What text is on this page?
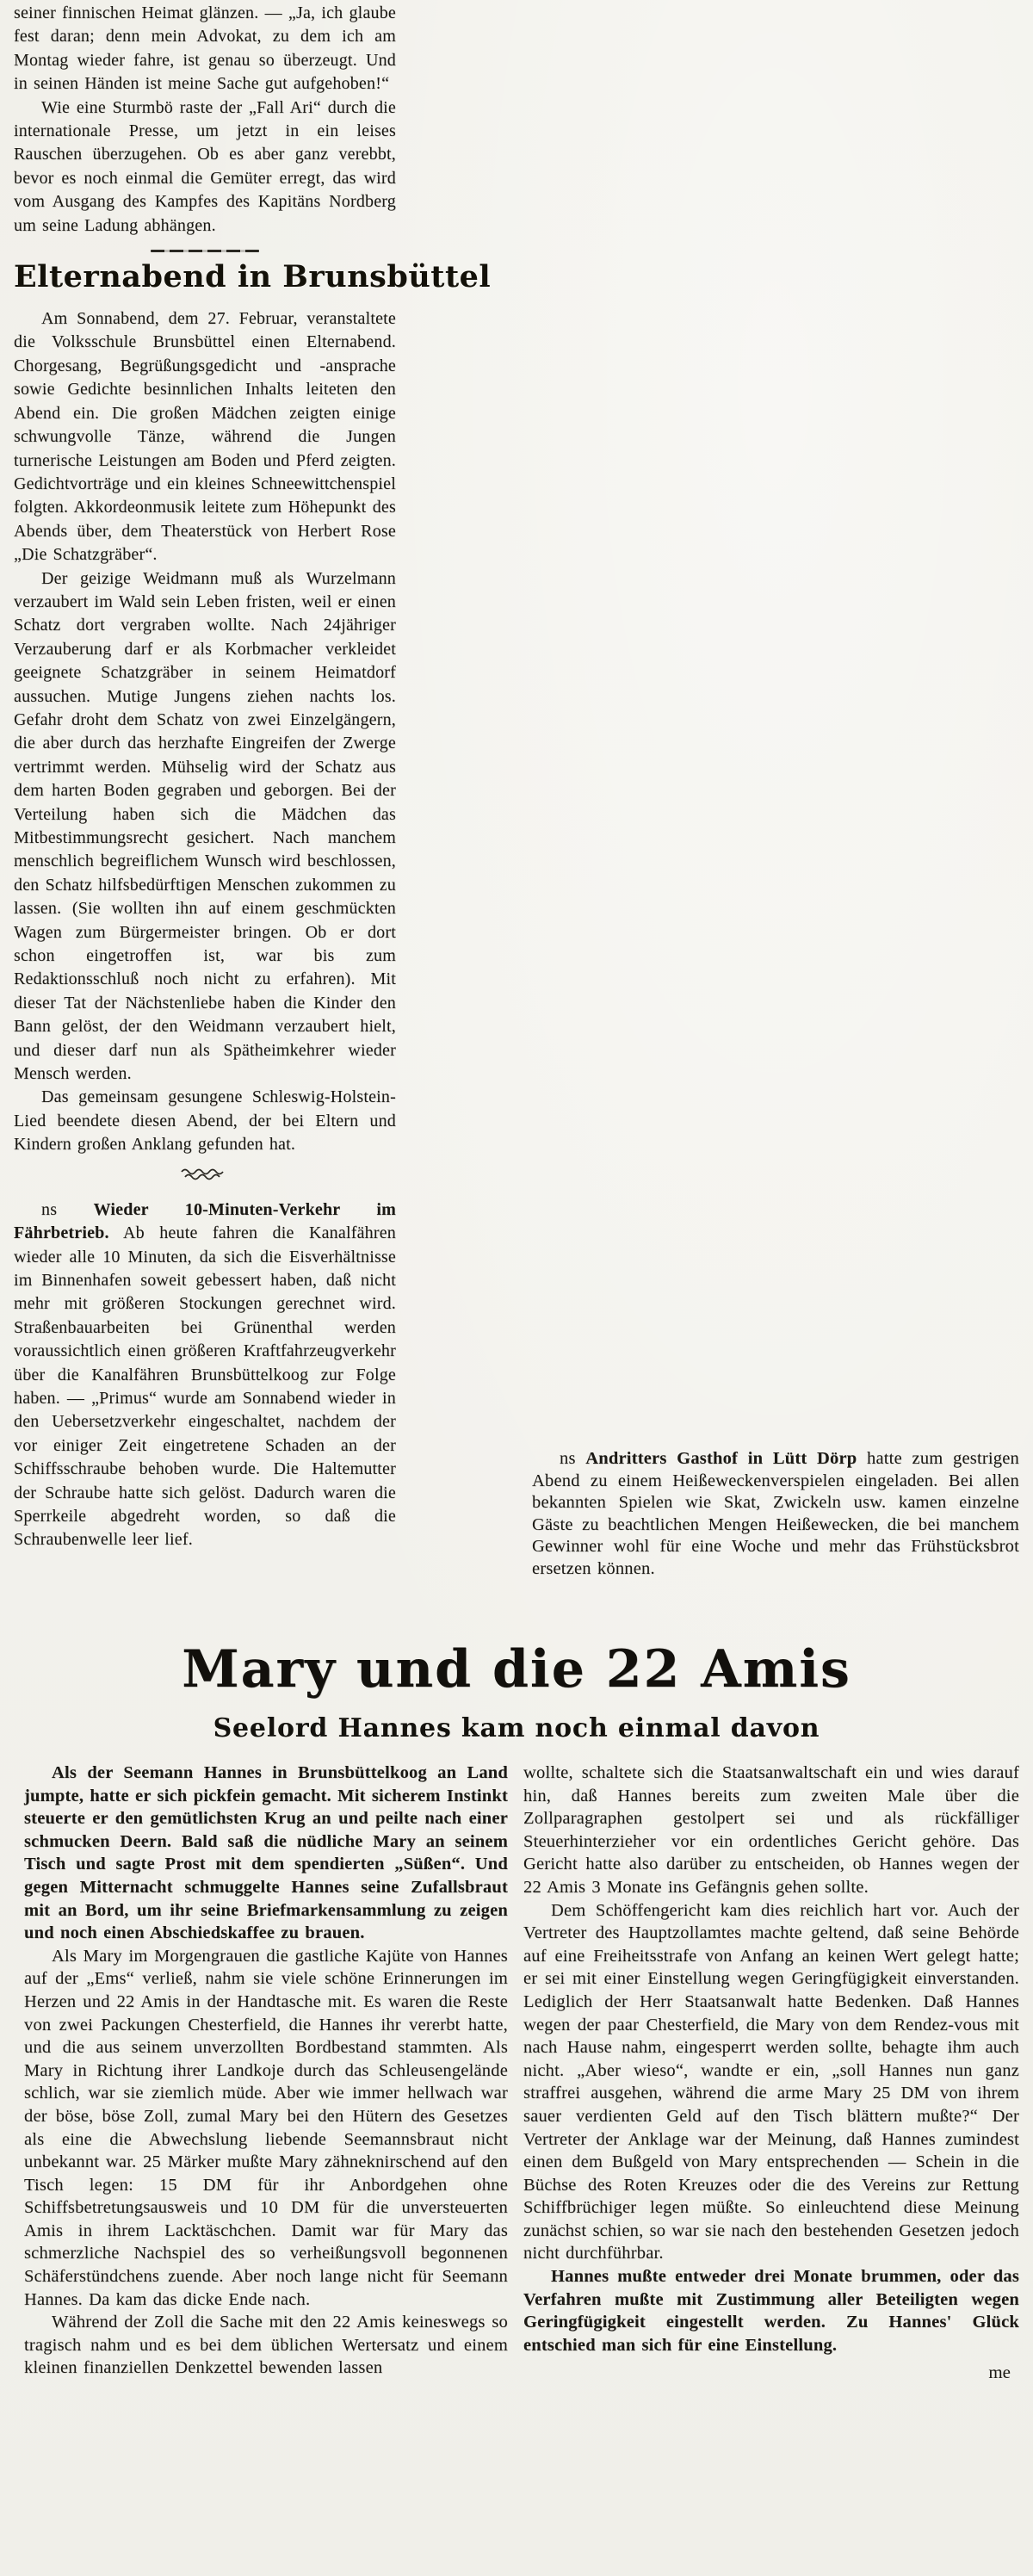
seiner finnischen Heimat glänzen. — „Ja, ich glaube fest daran; denn mein Advokat, zu dem ich am Montag wieder fahre, ist genau so überzeugt. Und in seinen Händen ist meine Sache gut aufgehoben!“

Wie eine Sturmbö raste der „Fall Ari“ durch die internationale Presse, um jetzt in ein leises Rauschen überzugehen. Ob es aber ganz verebbt, bevor es noch einmal die Gemüter erregt, das wird vom Ausgang des Kampfes des Kapitäns Nordberg um seine Ladung abhängen.

Elternabend in Brunsbüttel

Am Sonnabend, dem 27. Februar, veranstaltete die Volksschule Brunsbüttel einen Elternabend. Chorgesang, Begrüßungsgedicht und -ansprache sowie Gedichte besinnlichen Inhalts leiteten den Abend ein. Die großen Mädchen zeigten einige schwungvolle Tänze, während die Jungen turnerische Leistungen am Boden und Pferd zeigten. Gedichtvorträge und ein kleines Schneewittchenspiel folgten. Akkordeonmusik leitete zum Höhepunkt des Abends über, dem Theaterstück von Herbert Rose „Die Schatzgräber“.

Der geizige Weidmann muß als Wurzelmann verzaubert im Wald sein Leben fristen, weil er einen Schatz dort vergraben wollte. Nach 24jähriger Verzauberung darf er als Korbmacher verkleidet geeignete Schatzgräber in seinem Heimatdorf aussuchen. Mutige Jungens ziehen nachts los. Gefahr droht dem Schatz von zwei Einzelgängern, die aber durch das herzhafte Eingreifen der Zwerge vertrimmt werden. Mühselig wird der Schatz aus dem harten Boden gegraben und geborgen. Bei der Verteilung haben sich die Mädchen das Mitbestimmungsrecht gesichert. Nach manchem menschlich begreiflichem Wunsch wird beschlossen, den Schatz hilfsbedürftigen Menschen zukommen zu lassen. (Sie wollten ihn auf einem geschmückten Wagen zum Bürgermeister bringen. Ob er dort schon eingetroffen ist, war bis zum Redaktionsschluß noch nicht zu erfahren). Mit dieser Tat der Nächstenliebe haben die Kinder den Bann gelöst, der den Weidmann verzaubert hielt, und dieser darf nun als Spätheimkehrer wieder Mensch werden.

Das gemeinsam gesungene Schleswig-Holstein-Lied beendete diesen Abend, der bei Eltern und Kindern großen Anklang gefunden hat.

ns Wieder 10-Minuten-Verkehr im Fährbetrieb. Ab heute fahren die Kanalfähren wieder alle 10 Minuten, da sich die Eisverhältnisse im Binnenhafen soweit gebessert haben, daß nicht mehr mit größeren Stockungen gerechnet wird. Straßenbauarbeiten bei Grünenthal werden voraussichtlich einen größeren Kraftfahrzeugverkehr über die Kanalfähren Brunsbüttelkoog zur Folge haben. — „Primus“ wurde am Sonnabend wieder in den Uebersetzverkehr eingeschaltet, nachdem der vor einiger Zeit eingetretene Schaden an der Schiffsschraube behoben wurde. Die Haltemutter der Schraube hatte sich gelöst. Dadurch waren die Sperrkeile abgedreht worden, so daß die Schraubenwelle leer lief.

ns Andritters Gasthof in Lütt Dörp hatte zum gestrigen Abend zu einem Heißeweckenverspielen eingeladen. Bei allen bekannten Spielen wie Skat, Zwickeln usw. kamen einzelne Gäste zu beachtlichen Mengen Heißewecken, die bei manchem Gewinner wohl für eine Woche und mehr das Frühstücksbrot ersetzen können.

Mary und die 22 Amis
Seelord Hannes kam noch einmal davon

Als der Seemann Hannes in Brunsbüttelkoog an Land jumpte, hatte er sich pickfein gemacht. Mit sicherem Instinkt steuerte er den gemütlichsten Krug an und peilte nach einer schmucken Deern. Bald saß die nüdliche Mary an seinem Tisch und sagte Prost mit dem spendierten „Süßen“. Und gegen Mitternacht schmuggelte Hannes seine Zufallsbraut mit an Bord, um ihr seine Briefmarkensammlung zu zeigen und noch einen Abschiedskaffee zu brauen.

Als Mary im Morgengrauen die gastliche Kajüte von Hannes auf der „Ems“ verließ, nahm sie viele schöne Erinnerungen im Herzen und 22 Amis in der Handtasche mit. Es waren die Reste von zwei Packungen Chesterfield, die Hannes ihr vererbt hatte, und die aus seinem unverzollten Bordbestand stammten. Als Mary in Richtung ihrer Landkoje durch das Schleusengelände schlich, war sie ziemlich müde. Aber wie immer hellwach war der böse, böse Zoll, zumal Mary bei den Hütern des Gesetzes als eine die Abwechslung liebende Seemannsbraut nicht unbekannt war. 25 Märker mußte Mary zähneknirschend auf den Tisch legen: 15 DM für ihr Anbordgehen ohne Schiffsbetretungsausweis und 10 DM für die unversteuerten Amis in ihrem Lacktäschchen. Damit war für Mary das schmerzliche Nachspiel des so verheißungsvoll begonnenen Schäferstündchens zuende. Aber noch lange nicht für Seemann Hannes. Da kam das dicke Ende nach.

Während der Zoll die Sache mit den 22 Amis keineswegs so tragisch nahm und es bei dem üblichen Wertersatz und einem kleinen finanziellen Denkzettel bewenden lassen

wollte, schaltete sich die Staatsanwaltschaft ein und wies darauf hin, daß Hannes bereits zum zweiten Male über die Zollparagraphen gestolpert sei und als rückfälliger Steuerhinterzieher vor ein ordentliches Gericht gehöre. Das Gericht hatte also darüber zu entscheiden, ob Hannes wegen der 22 Amis 3 Monate ins Gefängnis gehen sollte.

Dem Schöffengericht kam dies reichlich hart vor. Auch der Vertreter des Hauptzollamtes machte geltend, daß seine Behörde auf eine Freiheitsstrafe von Anfang an keinen Wert gelegt hatte; er sei mit einer Einstellung wegen Geringfügigkeit einverstanden. Lediglich der Herr Staatsanwalt hatte Bedenken. Daß Hannes wegen der paar Chesterfield, die Mary von dem Rendez-vous mit nach Hause nahm, eingesperrt werden sollte, behagte ihm auch nicht. „Aber wieso“, wandte er ein, „soll Hannes nun ganz straffrei ausgehen, während die arme Mary 25 DM von ihrem sauer verdienten Geld auf den Tisch blättern mußte?“ Der Vertreter der Anklage war der Meinung, daß Hannes zumindest einen dem Bußgeld von Mary entsprechenden — Schein in die Büchse des Roten Kreuzes oder die des Vereins zur Rettung Schiffbrüchiger legen müßte. So einleuchtend diese Meinung zunächst schien, so war sie nach den bestehenden Gesetzen jedoch nicht durchführbar.

Hannes mußte entweder drei Monate brummen, oder das Verfahren mußte mit Zustimmung aller Beteiligten wegen Geringfügigkeit eingestellt werden. Zu Hannes' Glück entschied man sich für eine Einstellung.

me
